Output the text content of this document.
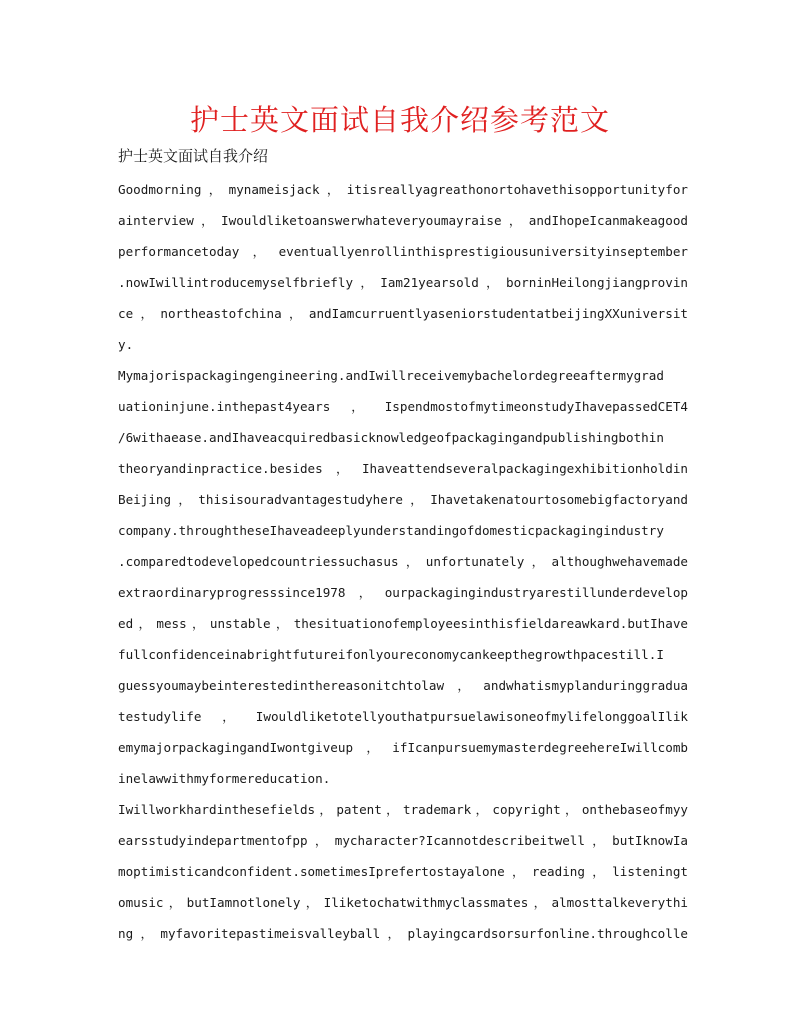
护士英文面试自我介绍参考范文
护士英文面试自我介绍
Goodmorning，mynameisjack，itisreallyagreathonortohavethisopportunityfor
ainterview，Iwouldliketoanswerwhateveryoumayraise，andIhopeIcanmakeagood
performancetoday，eventuallyenrollinthisprestigiousuniversityinseptember
.nowIwillintroducemyselfbriefly，Iam21yearsold，borninHeilongjiangprovin
ce，northeastofchina，andIamcurruentlyaseniorstudentatbeijingXXuniversit
y.
Mymajorispackagingengineering.andIwillreceivemybachelordegreeaftermygrad
uationinjune.inthepast4years，IspendmostofmytimeonstudyIhavepassedCET4
/6withaease.andIhaveacquiredbasicknowledgeofpackagingandpublishingbothin
theoryandinpractice.besides，Ihaveattendseveralpackagingexhibitionholdin
Beijing，thisisouradvantagestudyhere，Ihavetakenatourtosomebigfactoryand
company.throughtheseIhaveadeeplyunderstandingofdomesticpackagingindustry
.comparedtodevelopedcountriessuchasus，unfortunately，althoughwehavemade
extraordinaryprogresssince1978，ourpackagingindustryarestillunderdevelop
ed，mess，unstable，thesituationofemployeesinthisfieldareawkard.butIhave
fullconfidenceinabrightfutureifonlyoureconomycankeepthegrowthpacestill.I
guessyoumaybeinterestedinthereasonitchtolaw，andwhatismyplanduringgradua
testudylife，IwouldliketotellyouthatpursuelawisoneofmylifelonggoalIlik
emymajorpackagingandIwontgiveup，ifIcanpursuemymasterdegreehereIwillcomb
inelawwithmyformereducation.
Iwillworkhardinthesefields，patent，trademark，copyright，onthebaseofmyy
earsstudyindepartmentofpp，mycharacter?Icannotdescribeitwell，butIknowIa
moptimisticandconfident.sometimesIprefertostayalone，reading，listeningt
omusic，butIamnotlonely，Iliketochatwithmyclassmates，almosttalkeverythi
ng，myfavoritepastimeisvalleyball，playingcardsorsurfonline.throughcolle
